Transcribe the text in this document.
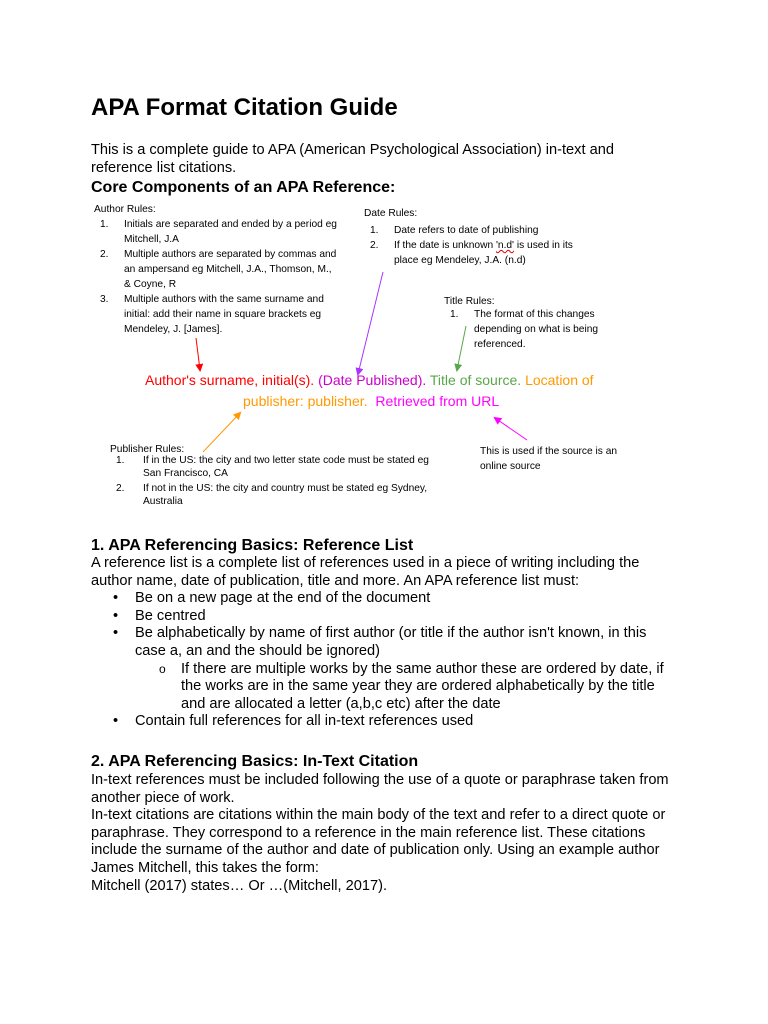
APA Format Citation Guide

This is a complete guide to APA (American Psychological Association) in-text and reference list citations.

Core Components of an APA Reference:
Author Rules:
1. Initials are separated and ended by a period eg Mitchell, J.A
2. Multiple authors are separated by commas and an ampersand eg Mitchell, J.A., Thomson, M., & Coyne, R
3. Multiple authors with the same surname and initial: add their name in square brackets eg Mendeley, J. [James].
Date Rules:
1. Date refers to date of publishing
2. If the date is unknown 'n.d' is used in its place eg Mendeley, J.A. (n.d)
Title Rules:
1. The format of this changes depending on what is being referenced.
Author's surname, initial(s). (Date Published). Title of source. Location of
publisher: publisher. Retrieved from URL
Publisher Rules:
1. If in the US: the city and two letter state code must be stated eg San Francisco, CA
2. If not in the US: the city and country must be stated eg Sydney, Australia
This is used if the source is an online source
1. APA Referencing Basics: Reference List

A reference list is a complete list of references used in a piece of writing including the author name, date of publication, title and more. An APA reference list must:

• Be on a new page at the end of the document
• Be centred
• Be alphabetically by name of first author (or title if the author isn't known, in this case a, an and the should be ignored)
o If there are multiple works by the same author these are ordered by date, if the works are in the same year they are ordered alphabetically by the title and are allocated a letter (a,b,c etc) after the date
• Contain full references for all in-text references used
2. APA Referencing Basics: In-Text Citation

In-text references must be included following the use of a quote or paraphrase taken from another piece of work.

In-text citations are citations within the main body of the text and refer to a direct quote or paraphrase. They correspond to a reference in the main reference list. These citations include the surname of the author and date of publication only. Using an example author James Mitchell, this takes the form:

Mitchell (2017) states… Or …(Mitchell, 2017).
